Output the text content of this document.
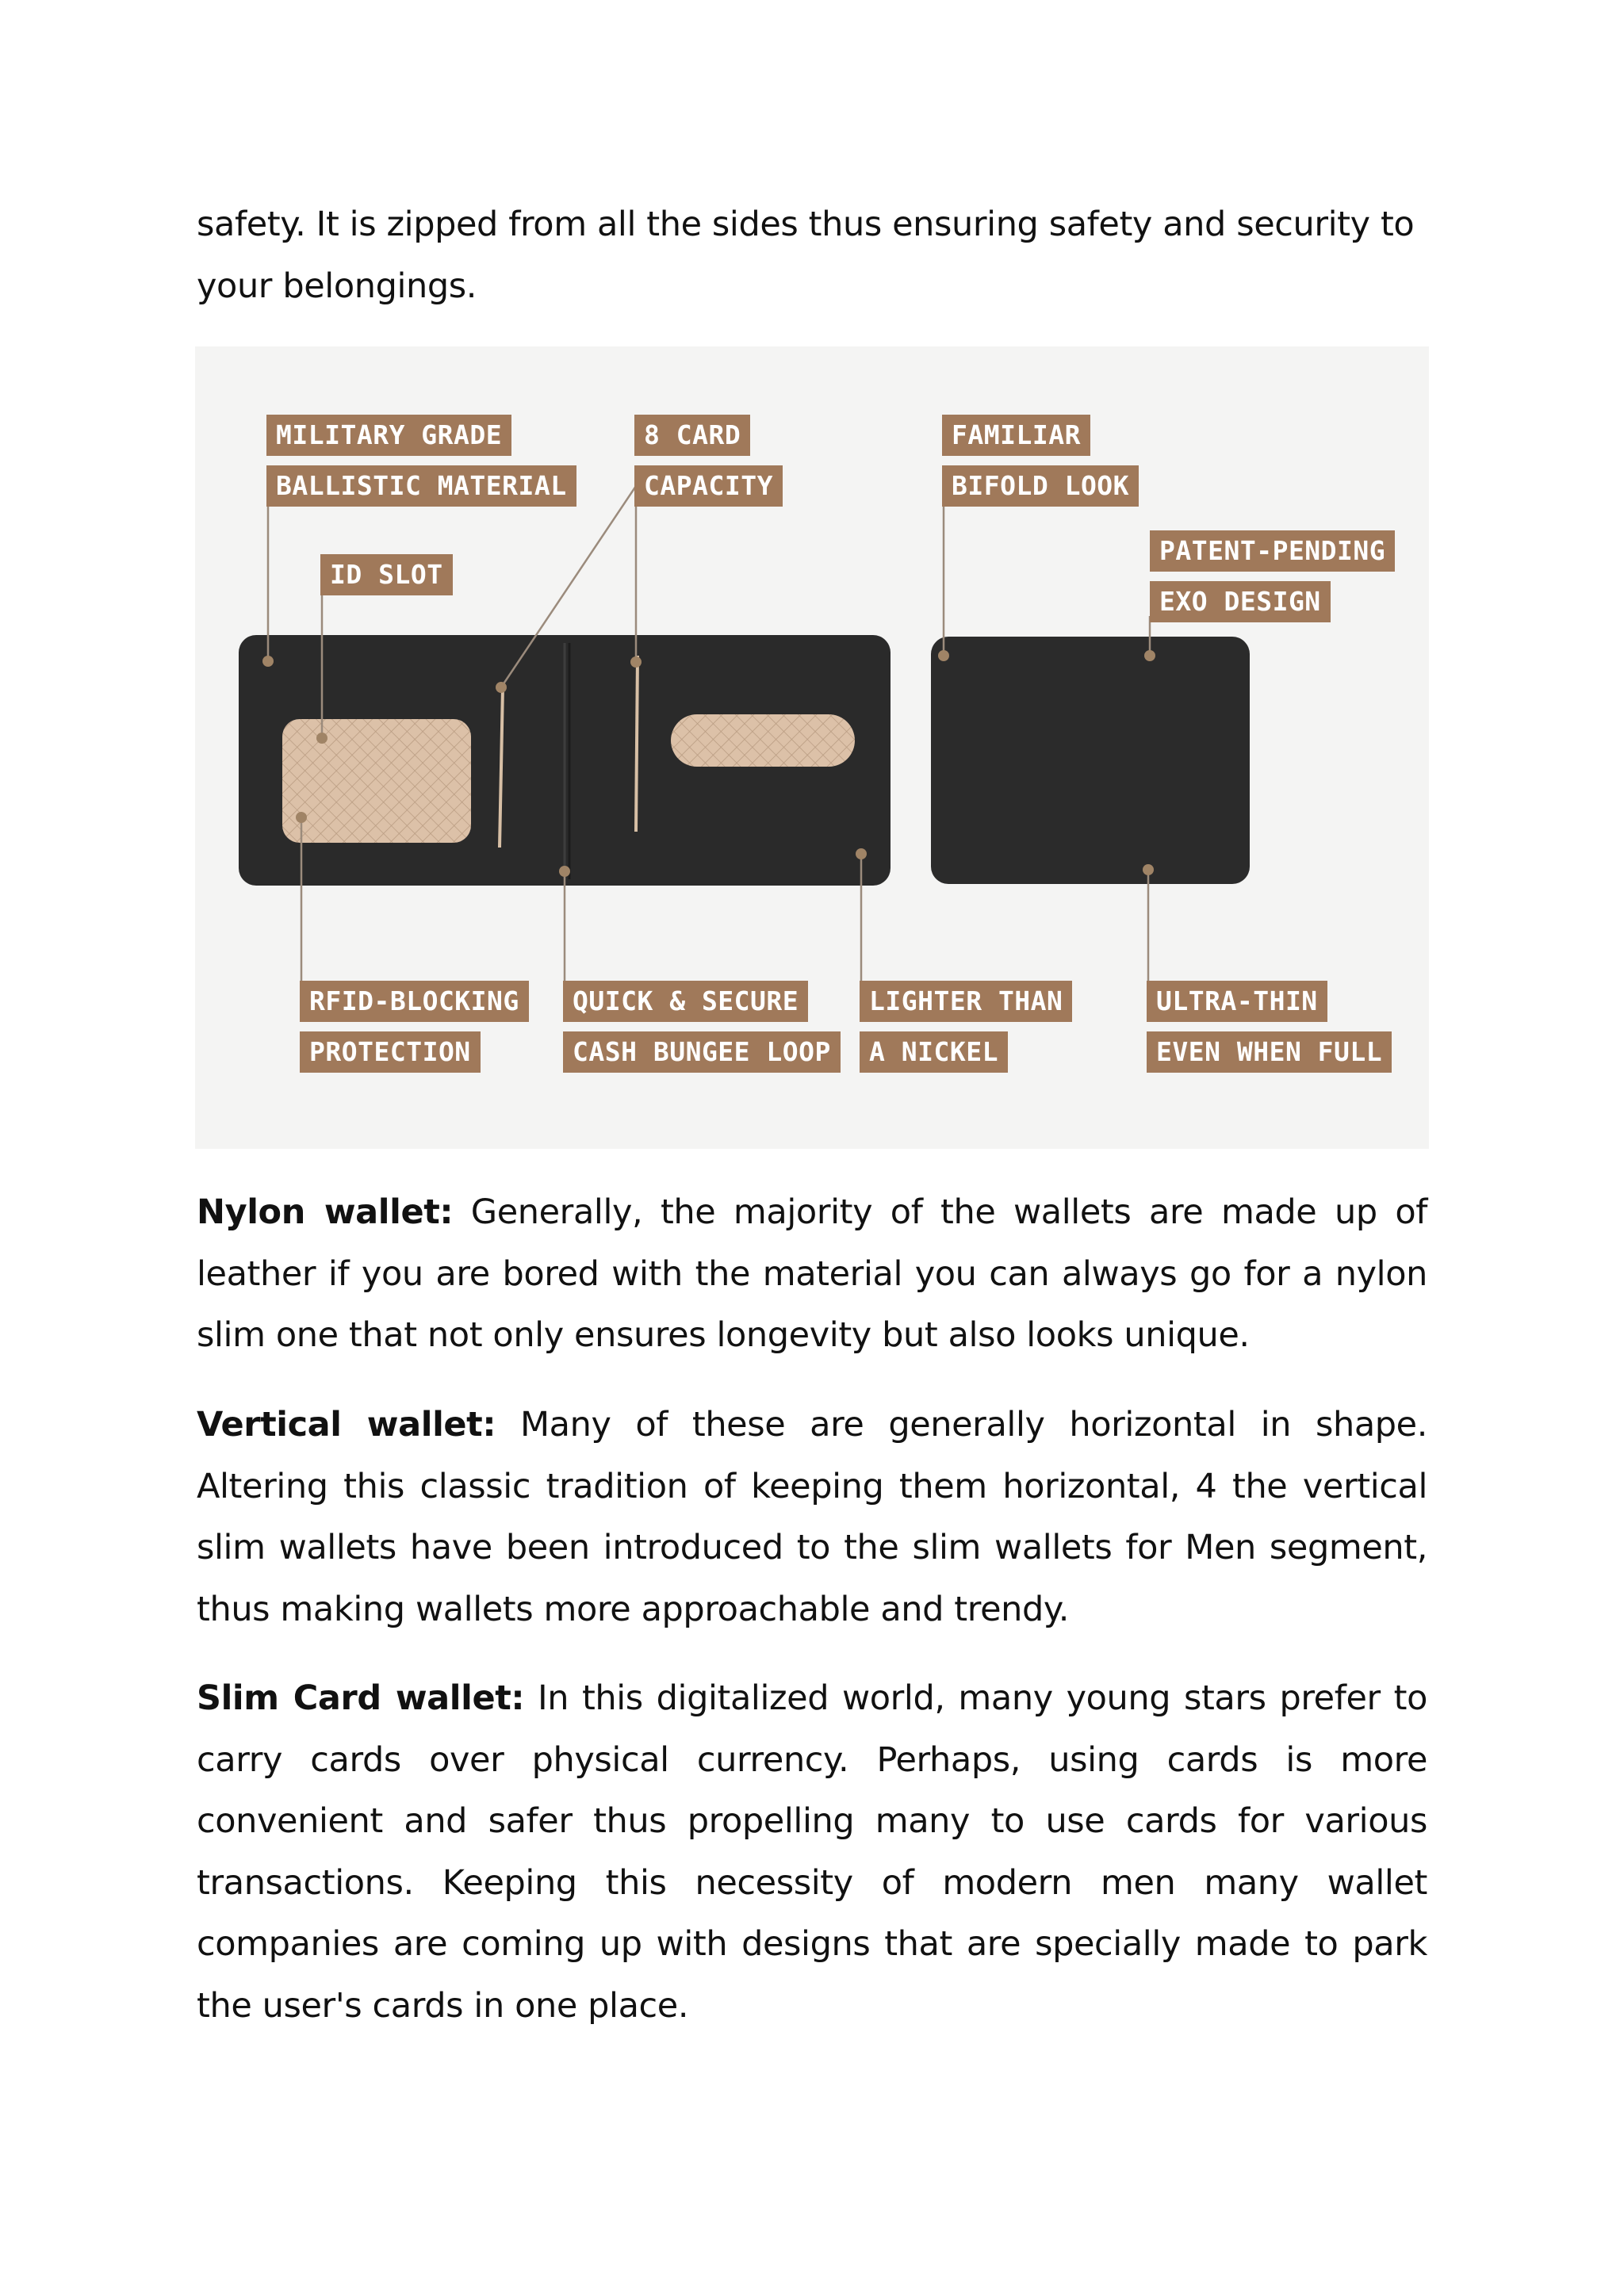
safety. It is zipped from all the sides thus ensuring safety and security to your belongings.

MILITARY GRADE
BALLISTIC MATERIAL
8 CARD
CAPACITY
FAMILIAR
BIFOLD LOOK
PATENT-PENDING
EXO DESIGN
ID SLOT
RFID-BLOCKING
PROTECTION
QUICK & SECURE
CASH BUNGEE LOOP
LIGHTER THAN
A NICKEL
ULTRA-THIN
EVEN WHEN FULL

Nylon wallet: Generally, the majority of the wallets are made up of leather if you are bored with the material you can always go for a nylon slim one that not only ensures longevity but also looks unique.

Vertical wallet: Many of these are generally horizontal in shape. Altering this classic tradition of keeping them horizontal, 4 the vertical slim wallets have been introduced to the slim wallets for Men segment, thus making wallets more approachable and trendy.

Slim Card wallet: In this digitalized world, many young stars prefer to carry cards over physical currency. Perhaps, using cards is more convenient and safer thus propelling many to use cards for various transactions. Keeping this necessity of modern men many wallet companies are coming up with designs that are specially made to park the user's cards in one place.
